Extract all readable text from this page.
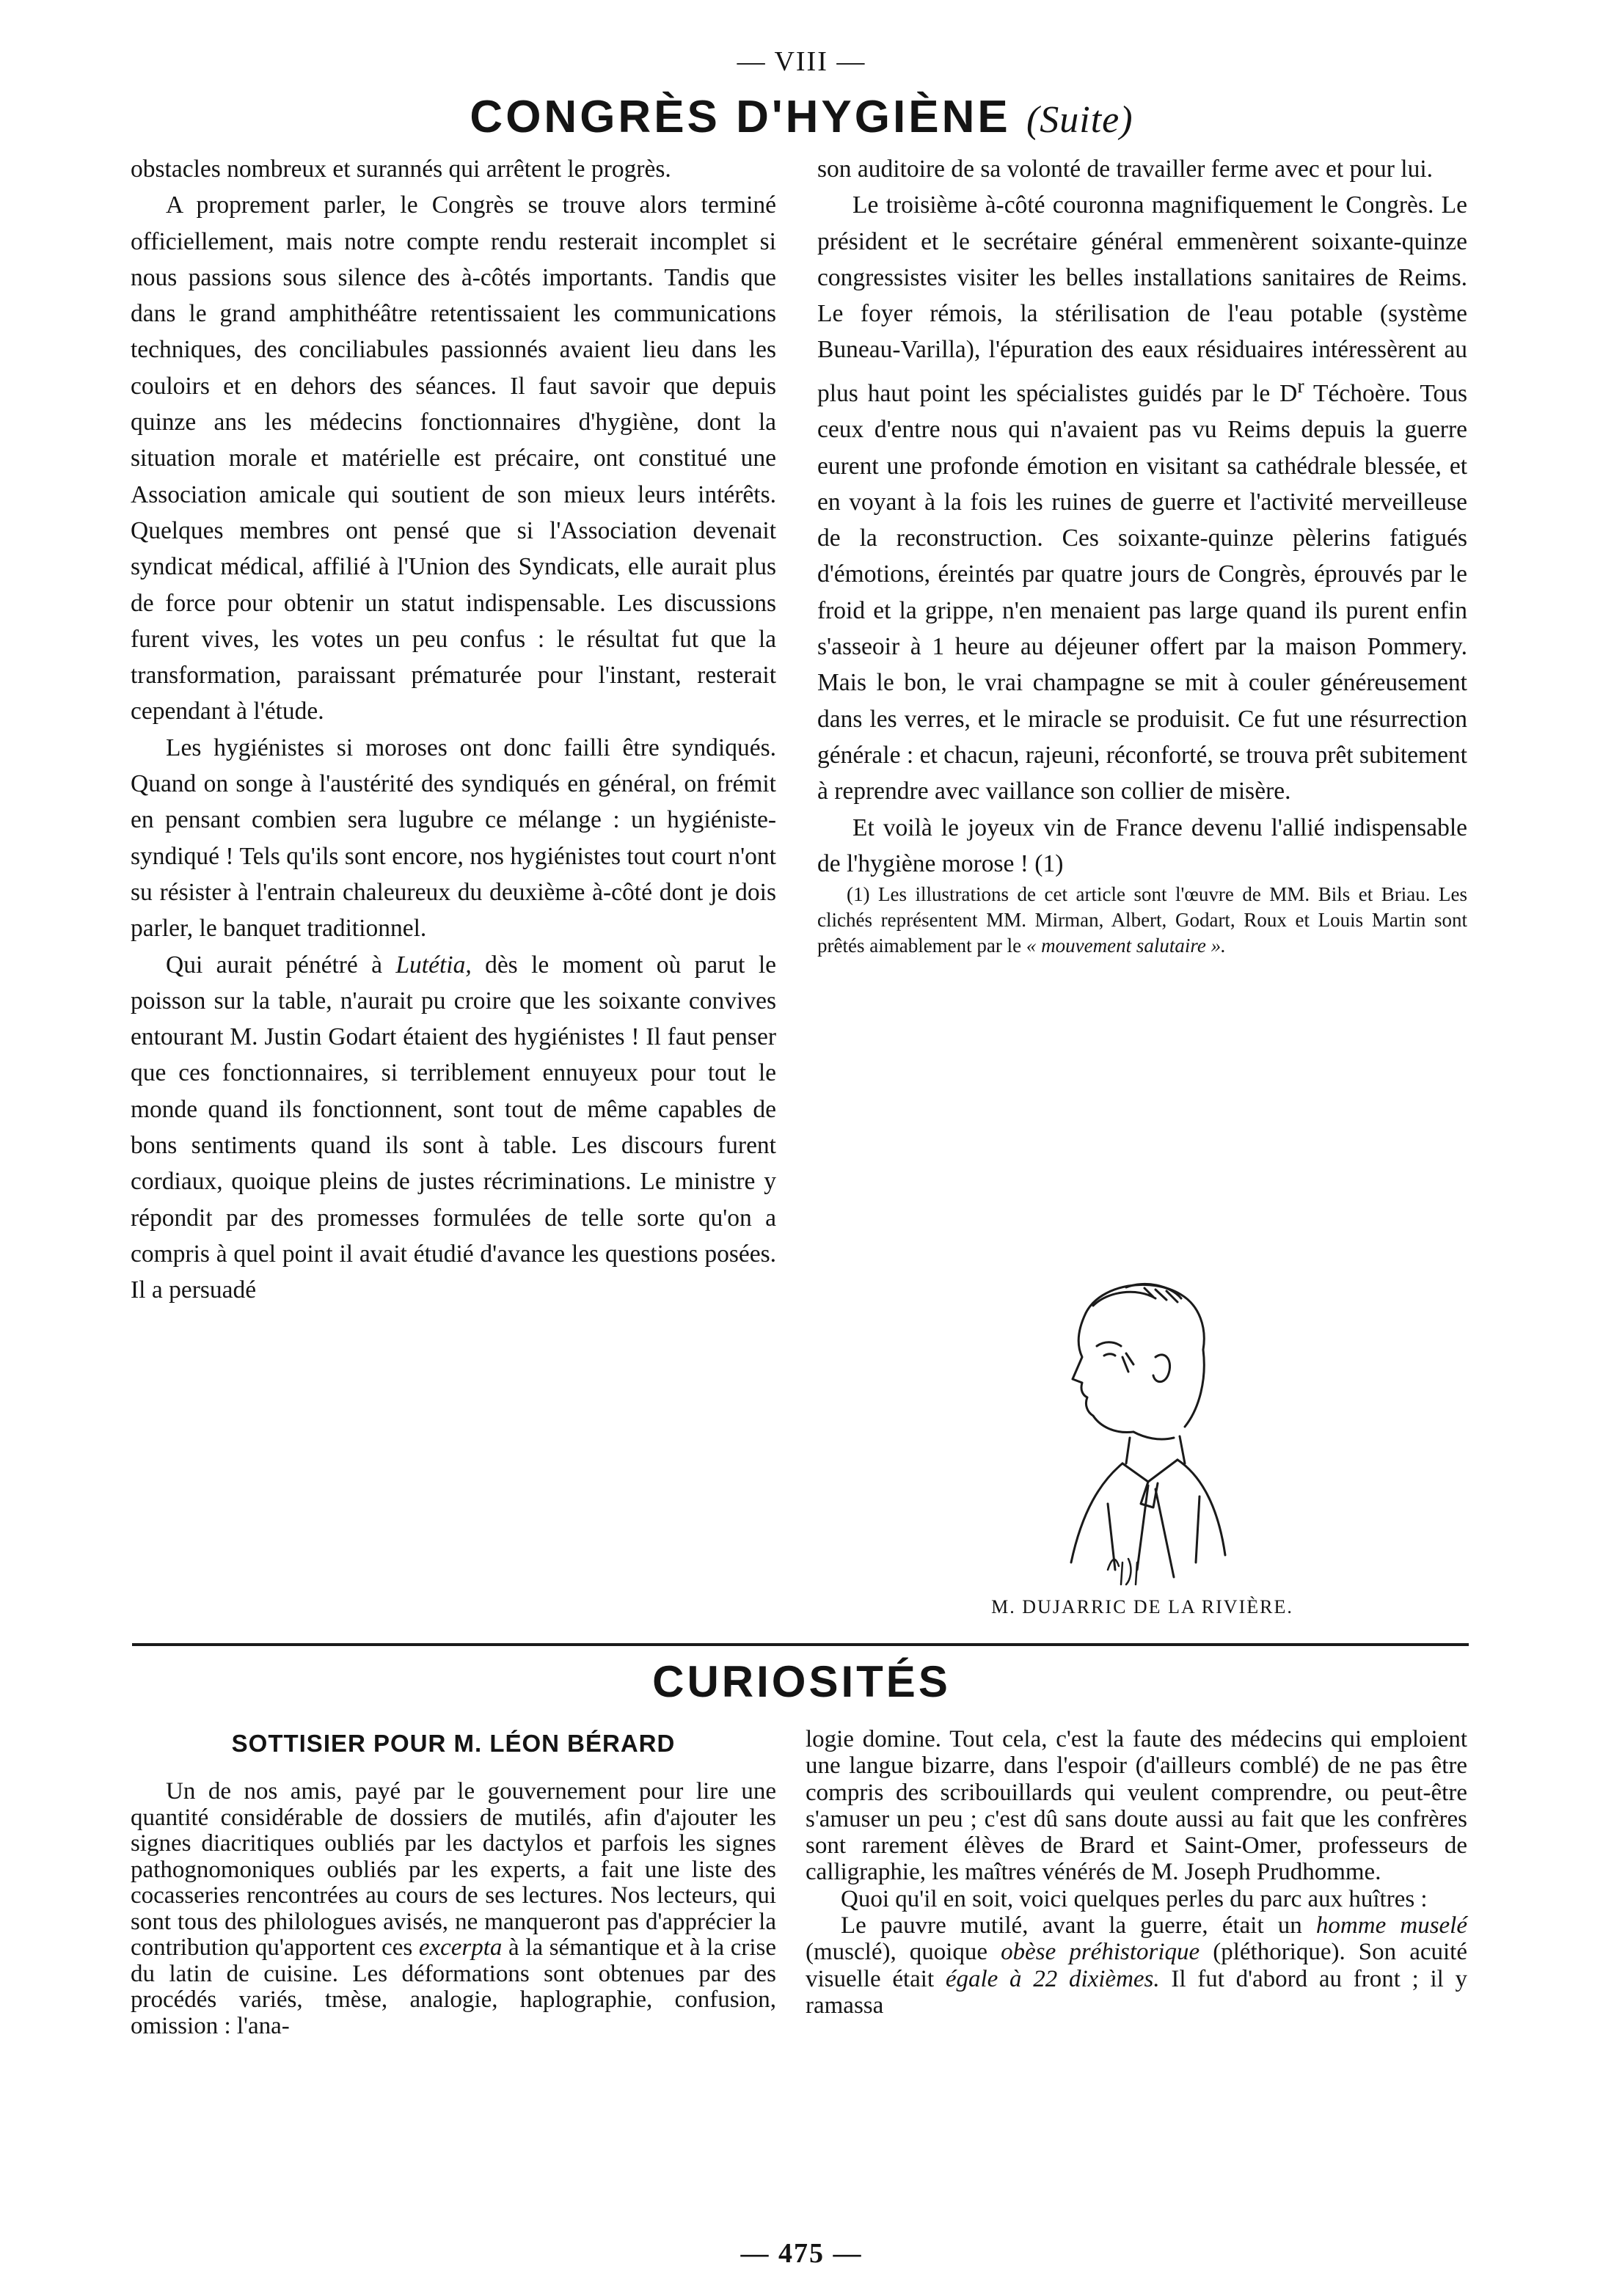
— VIII —
CONGRÈS D'HYGIÈNE (Suite)

obstacles nombreux et surannés qui arrêtent le progrès.

A proprement parler, le Congrès se trouve alors terminé officiellement, mais notre compte rendu resterait incomplet si nous passions sous silence des à-côtés importants. Tandis que dans le grand amphithéâtre retentissaient les communications techniques, des conciliabules passionnés avaient lieu dans les couloirs et en dehors des séances. Il faut savoir que depuis quinze ans les médecins fonctionnaires d'hygiène, dont la situation morale et matérielle est précaire, ont constitué une Association amicale qui soutient de son mieux leurs intérêts. Quelques membres ont pensé que si l'Association devenait syndicat médical, affilié à l'Union des Syndicats, elle aurait plus de force pour obtenir un statut indispensable. Les discussions furent vives, les votes un peu confus : le résultat fut que la transformation, paraissant prématurée pour l'instant, resterait cependant à l'étude.

Les hygiénistes si moroses ont donc failli être syndiqués. Quand on songe à l'austérité des syndiqués en général, on frémit en pensant combien sera lugubre ce mélange : un hygiéniste-syndiqué ! Tels qu'ils sont encore, nos hygiénistes tout court n'ont su résister à l'entrain chaleureux du deuxième à-côté dont je dois parler, le banquet traditionnel.

Qui aurait pénétré à Lutétia, dès le moment où parut le poisson sur la table, n'aurait pu croire que les soixante convives entourant M. Justin Godart étaient des hygiénistes ! Il faut penser que ces fonctionnaires, si terriblement ennuyeux pour tout le monde quand ils fonctionnent, sont tout de même capables de bons sentiments quand ils sont à table. Les discours furent cordiaux, quoique pleins de justes récriminations. Le ministre y répondit par des promesses formulées de telle sorte qu'on a compris à quel point il avait étudié d'avance les questions posées. Il a persuadé

son auditoire de sa volonté de travailler ferme avec et pour lui.

Le troisième à-côté couronna magnifiquement le Congrès. Le président et le secrétaire général emmenèrent soixante-quinze congressistes visiter les belles installations sanitaires de Reims. Le foyer rémois, la stérilisation de l'eau potable (système Buneau-Varilla), l'épuration des eaux résiduaires intéressèrent au plus haut point les spécialistes guidés par le $D^r$ Téchoère. Tous ceux d'entre nous qui n'avaient pas vu Reims depuis la guerre eurent une profonde émotion en visitant sa cathédrale blessée, et en voyant à la fois les ruines de guerre et l'activité merveilleuse de la reconstruction. Ces soixante-quinze pèlerins fatigués d'émotions, éreintés par quatre jours de Congrès, éprouvés par le froid et la grippe, n'en menaient pas large quand ils purent enfin s'asseoir à 1 heure au déjeuner offert par la maison Pommery. Mais le bon, le vrai champagne se mit à couler généreusement dans les verres, et le miracle se produisit. Ce fut une résurrection générale : et chacun, rajeuni, réconforté, se trouva prêt subitement à reprendre avec vaillance son collier de misère.

Et voilà le joyeux vin de France devenu l'allié indispensable de l'hygiène morose ! (1)

(1) Les illustrations de cet article sont l'œuvre de MM. Bils et Briau. Les clichés représentent MM. Mirman, Albert, Godart, Roux et Louis Martin sont prêtés aimablement par le « mouvement salutaire ».

M. DUJARRIC DE LA RIVIÈRE.
CURIOSITÉS
SOTTISIER POUR M. LÉON BÉRARD

Un de nos amis, payé par le gouvernement pour lire une quantité considérable de dossiers de mutilés, afin d'ajouter les signes diacritiques oubliés par les dactylos et parfois les signes pathognomoniques oubliés par les experts, a fait une liste des cocasseries rencontrées au cours de ses lectures. Nos lecteurs, qui sont tous des philologues avisés, ne manqueront pas d'apprécier la contribution qu'apportent ces excerpta à la sémantique et à la crise du latin de cuisine. Les déformations sont obtenues par des procédés variés, tmèse, analogie, haplographie, confusion, omission : l'ana-

logie domine. Tout cela, c'est la faute des médecins qui emploient une langue bizarre, dans l'espoir (d'ailleurs comblé) de ne pas être compris des scribouillards qui veulent comprendre, ou peut-être s'amuser un peu ; c'est dû sans doute aussi au fait que les confrères sont rarement élèves de Brard et Saint-Omer, professeurs de calligraphie, les maîtres vénérés de M. Joseph Prudhomme.

Quoi qu'il en soit, voici quelques perles du parc aux huîtres :

Le pauvre mutilé, avant la guerre, était un homme muselé (musclé), quoique obèse préhistorique (pléthorique). Son acuité visuelle était égale à 22 dixièmes. Il fut d'abord au front ; il y ramassa

— 475 —
